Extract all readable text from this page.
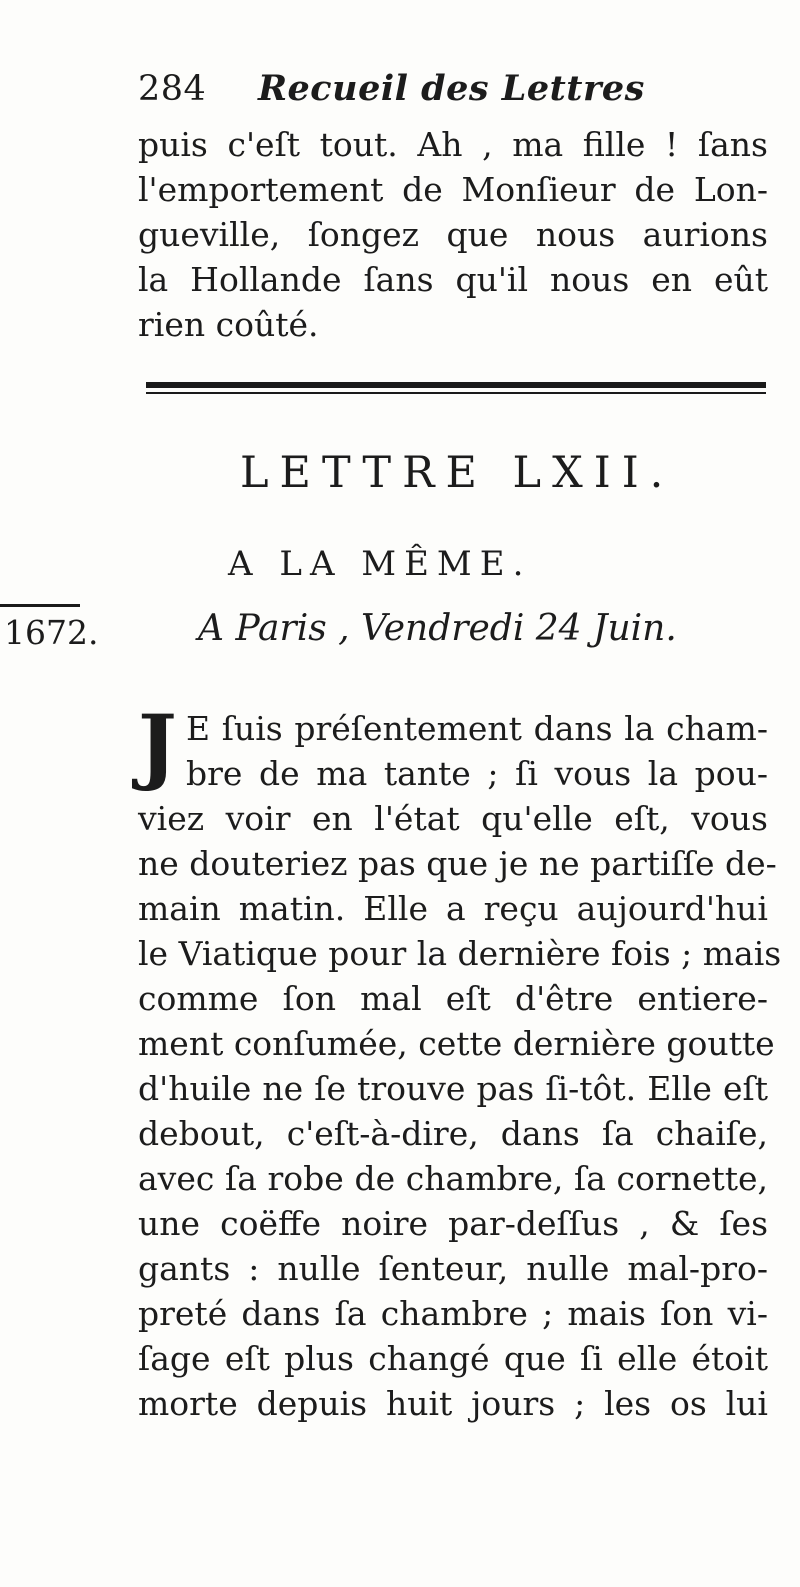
284 Recueil des Lettres
puis c'eſt tout. Ah , ma fille ! ſans
l'emportement de Monſieur de Lon-
gueville, ſongez que nous aurions
la Hollande ſans qu'il nous en eût
rien coûté.
LETTRE LXII.
A LA MÊME.
1672.	A Paris , Vendredi 24 Juin.
J E ſuis préſentement dans la cham-
bre de ma tante ; ſi vous la pou-
viez voir en l'état qu'elle eſt, vous
ne douteriez pas que je ne partiſſe de-
main matin. Elle a reçu aujourd'hui
le Viatique pour la dernière fois ; mais
comme ſon mal eſt d'être entiere-
ment conſumée, cette dernière goutte
d'huile ne ſe trouve pas ſi-tôt. Elle eſt
debout, c'eſt-à-dire, dans ſa chaiſe,
avec ſa robe de chambre, ſa cornette,
une coëffe noire par-deſſus , & ſes
gants : nulle ſenteur, nulle mal-pro-
preté dans ſa chambre ; mais ſon vi-
ſage eſt plus changé que ſi elle étoit
morte depuis huit jours ; les os lui
